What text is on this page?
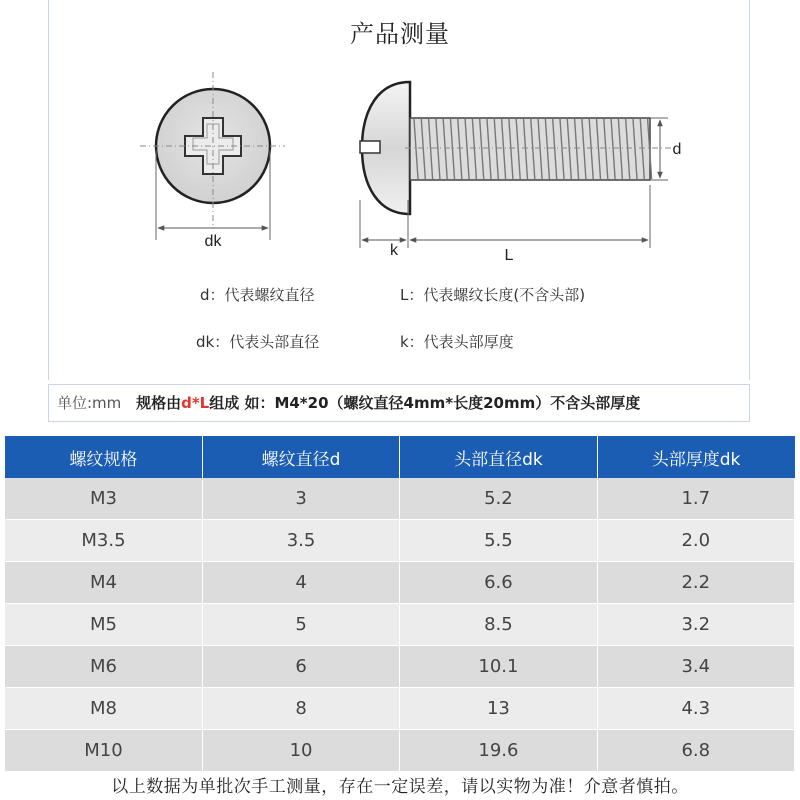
产品测量
dk
k	L
d
d：代表螺纹直径	L：代表螺纹长度(不含头部)
dk：代表头部直径	k：代表头部厚度
单位:mm 规格由d*L组成 如：M4*20（螺纹直径4mm*长度20mm）不含头部厚度
螺纹规格	螺纹直径d	头部直径dk	头部厚度dk
M3	3	5.2	1.7
M3.5	3.5	5.5	2.0
M4	4	6.6	2.2
M5	5	8.5	3.2
M6	6	10.1	3.4
M8	8	13	4.3
M10	10	19.6	6.8
以上数据为单批次手工测量，存在一定误差，请以实物为准！介意者慎拍。
